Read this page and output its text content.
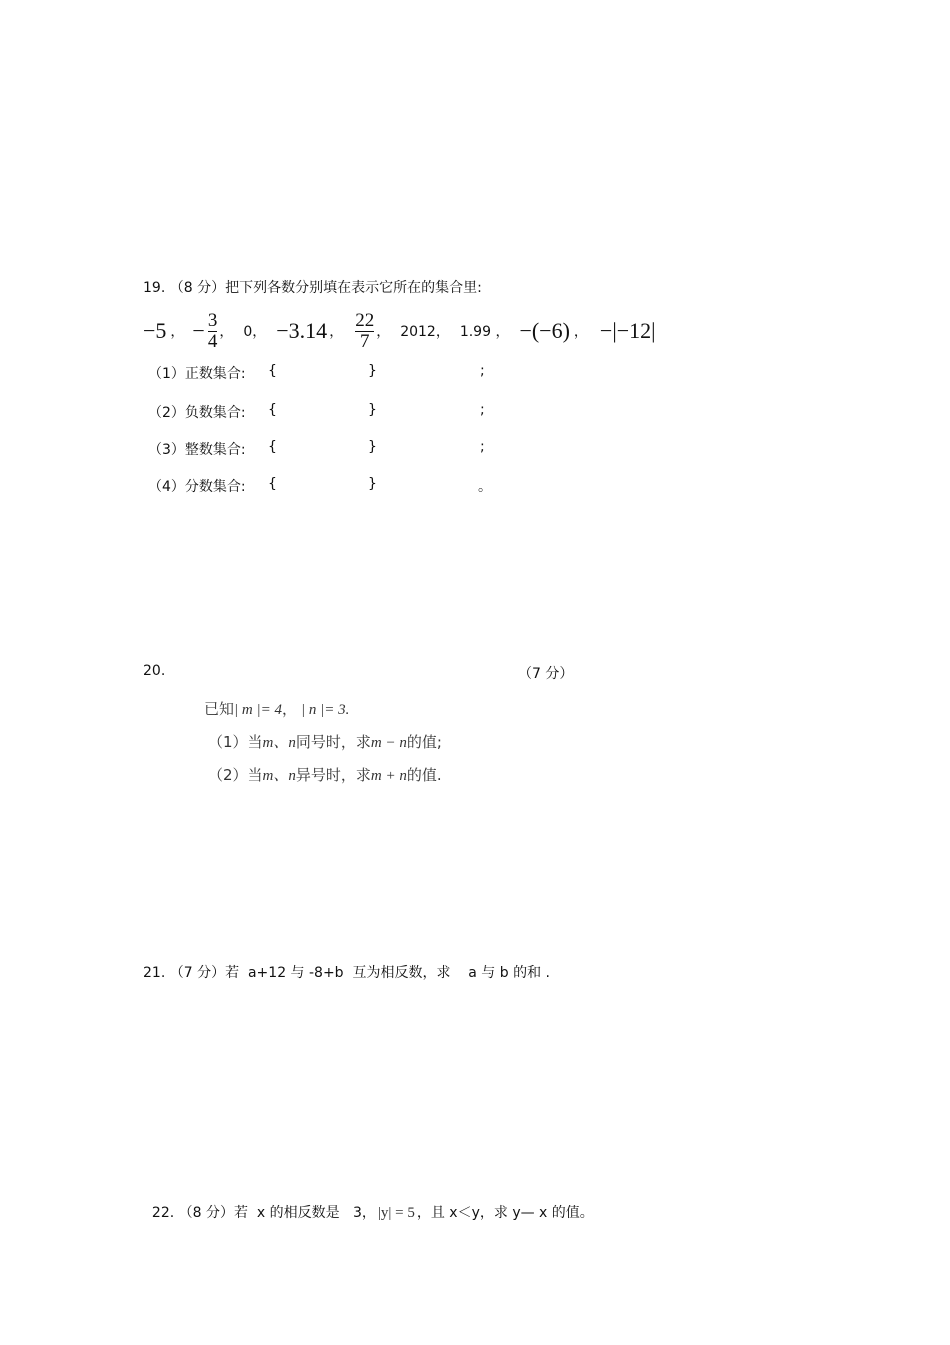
19. （8 分）把下列各数分别填在表示它所在的集合里:
−5 ， − $\frac{3}{4}$ ， 0， −3.14 ， $\frac{22}{7}$ ， 2012， 1.99 ， −(−6) ， −|−12|
（1）正数集合: {	}	;
（2）负数集合: {	}	;
（3）整数集合: {	}	;
（4）分数集合: {	}	。
20.	（7 分）
已知| m |= 4， | n |= 3.
（1）当m、n同号时，求m − n的值;
（2）当m、n异号时，求m + n的值.
21. （7 分）若  a+12 与 -8+b  互为相反数，求    a 与 b 的和 .

22. （8 分）若  x 的相反数是   3， |y| = 5 ，且 x＜y，求 y— x 的值。
